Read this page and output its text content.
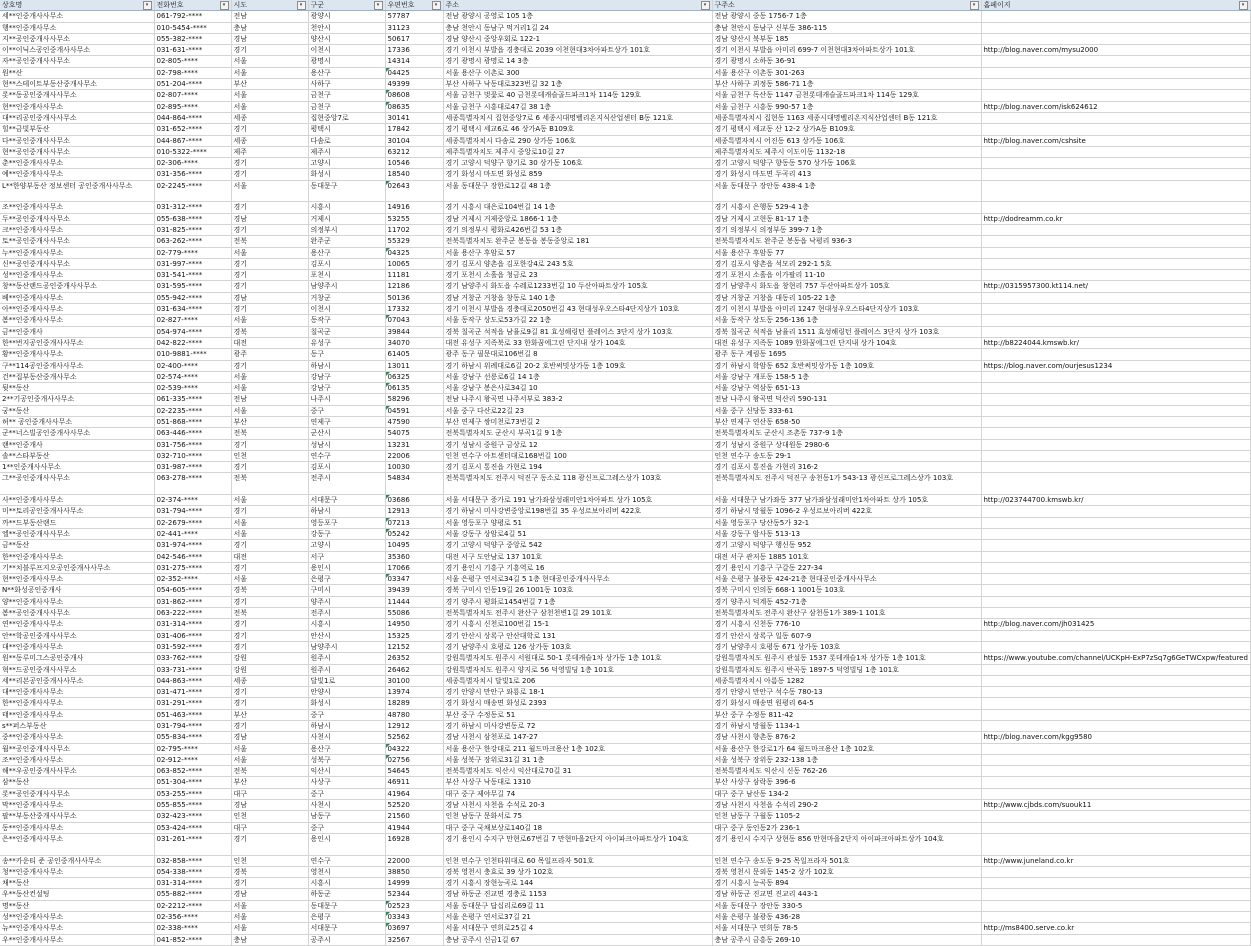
상호명 ▾	전화번호 ▾	시도 ▾	구군 ▾	우편번호 ▾	주소 ▾	구주소 ▾	홈페이지 ▾

세**인중개사사무소	061-792-****	전남	광양시	57787	전남 광양시 공영로 105 1층	전남 광양시 중동 1756-7 1층	
행**인중개사무소	010-5454-****	충남	천안시	31123	충남 천안시 동남구 먹거리1길 24	충남 천안시 동남구 신부동 386-115	
지**공인중개사사무소	055-382-****	경남	양산시	50617	경남 양산시 중앙우회로 122-1	경남 양산시 북부동 185	
이**이닉스공인중개사사무소	031-631-****	경기	이천시	17336	경기 이천시 부발읍 경충대로 2039 이천현대3차아파트상가 101호	경기 이천시 부발읍 아미리 699-7 이천현대3차아파트상가 101호	http://blog.naver.com/mysu2000
자**공인중개사사무소	02-805-****	서울	광명시	14314	경기 광명시 광명로 14 3층	경기 광명시 소하동 36-91	
원**산	02-798-****	서울	용산구	04425	서울 용산구 이촌로 300	서울 용산구 이촌동 301-263	
현**스테이트부동산중개사무소	051-204-****	부산	사하구	49399	부산 사하구 낙동대로323번길 32 1층	부산 사하구 괴정동 586-71 1층	
롯**동공인중개사사무소	02-807-****	서울	금천구	08608	서울 금천구 벚꽃로 40 금천롯데캐슬골드파크1차 114동 129호	서울 금천구 독산동 1147 금천롯데캐슬골드파크1차 114동 129호	
현**인중개사사무소	02-895-****	서울	금천구	08635	서울 금천구 시흥대로47길 38 1층	서울 금천구 시흥동 990-57 1층	http://blog.naver.com/isk624612
대**리공인중개사사무소	044-864-****	세종	집현중앙7로	30141	세종특별자치시 집현중앙7로 6 세종시대명벨리온지식산업센터 B동 121호	세종특별자치시 집현동 1163 세종시대명벨리온지식산업센터 B동 121호	
힐**금빛부동산	031-652-****	경기	평택시	17842	경기 평택시 세교6로 46 상가A동 B109호	경기 평택시 세교동 산 12-2 상가A동 B109호	
다**공인중개사사무소	044-867-****	세종	다솜로	30104	세종특별자치시 다솜로 290 상가동 106호	세종특별자치시 어진동 613 상가동 106호	http://blog.naver.com/cshsite
현**공인중개사사무소	010-5322-****	제주	제주시	63212	제주특별자치도 제주시 중앙로10길 27	제주특별자치도 제주시 이도이동 1132-18	
춘**인중개사사무소	02-306-****	경기	고양시	10546	경기 고양시 덕양구 향기로 30 상가동 106호	경기 고양시 덕양구 향동동 570 상가동 106호	
예**인중개사사무소	031-356-****	경기	화성시	18540	경기 화성시 마도면 화성로 859	경기 화성시 마도면 두곡리 413	
L**한양부동산 정보센터 공인중개사사무소	02-2245-****	서울	동대문구	02643	서울 동대문구 장한로12길 48 1층	서울 동대문구 장안동 438-4 1층	
조**인중개사사무소	031-312-****	경기	시흥시	14916	경기 시흥시 대은로104번길 14 1층	경기 시흥시 은행동 529-4 1층	
두**공인중개사사무소	055-638-****	경남	거제시	53255	경남 거제시 거제중앙로 1866-1 1층	경남 거제시 고현동 81-17 1층	http://dodreamm.co.kr
크**인중개사사무소	031-825-****	경기	의정부시	11702	경기 의정부시 평화로426번길 53 1층	경기 의정부시 의정부동 399-7 1층	
토**공인중개사사무소	063-262-****	전북	완주군	55329	전북특별자치도 완주군 봉동읍 봉동중앙로 181	전북특별자치도 완주군 봉동읍 낙평리 936-3	
누**인중개사사무소	02-779-****	서울	용산구	04325	서울 용산구 후암로 57	서울 용산구 후암동 77	
신**공인중개사사무소	031-997-****	경기	김포시	10065	경기 김포시 양촌읍 김포한강4로 243 5호	경기 김포시 양촌읍 석모리 292-1 5호	
성**인중개사사무소	031-541-****	경기	포천시	11181	경기 포천시 소흘읍 청금로 23	경기 포천시 소흘읍 이가팔리 11-10	
창**동산랜드공인중개사사무소	031-595-****	경기	남양주시	12186	경기 남양주시 화도읍 수레로1233번길 10 두산아파트상가 105호	경기 남양주시 화도읍 창현리 757 두산아파트상가 105호	http://0315957300.kt114.net/
베**인중개사사무소	055-942-****	경남	거창군	50136	경남 거창군 거창읍 창동로 140 1층	경남 거창군 거창읍 대동리 105-22 1층	
아**인중개사사무소	031-634-****	경기	이천시	17332	경기 이천시 부발읍 경충대로2050번길 43 현대성우오스타4단지상가 103호	경기 이천시 부발읍 아미리 1247 현대성우오스타4단지상가 103호	
봄**인중개사사무소	02-827-****	서울	동작구	07043	서울 동작구 상도로53가길 22 1층	서울 동작구 상도동 256-136 1층	
금**인중개사	054-974-****	경북	칠곡군	39844	경북 칠곡군 석적읍 남율로9길 81 효성해링턴 플레이스 3단지 상가 103호	경북 칠곡군 석적읍 남율리 1511 효성해링턴 플레이스 3단지 상가 103호	
한**번지공인중개사사무소	042-822-****	대전	유성구	34070	대전 유성구 지족북로 33 한화꿈에그린 단지내 상가 104호	대전 유성구 지족동 1089 한화꿈에그린 단지내 상가 104호	http://b8224044.kmswb.kr/
황**인중개사사무소	010-9881-****	광주	동구	61405	광주 동구 필문대로106번길 8	광주 동구 계림동 1695	
구**114공인중개사사무소	02-400-****	경기	하남시	13011	경기 하남시 위례대로6길 20-2 호반써밋상가동 1층 109호	경기 하남시 학암동 652 호반써밋상가동 1층 109호	https://blog.naver.com/ourjesus1234
건**집부동산중개사무소	02-574-****	서울	강남구	06325	서울 강남구 선릉로6길 14 1층	서울 강남구 개포동 158-5 1층	
뒷**동산	02-539-****	서울	강남구	06135	서울 강남구 봉은사로34길 10	서울 강남구 역삼동 651-13	
2**기공인중개사사무소	061-335-****	전남	나주시	58296	전남 나주시 왕곡면 나주서부로 383-2	전남 나주시 왕곡면 덕산리 590-131	
궁**동산	02-2235-****	서울	중구	04591	서울 중구 다산로22길 23	서울 중구 신당동 333-61	
허** 공인중개사사무소	051-868-****	부산	연제구	47590	부산 연제구 쌍미천로73번길 2	부산 연제구 연산동 658-50	
군**너스빌공인중개사사무소	063-446-****	전북	군산시	54075	전북특별자치도 군산시 부곡1길 9 1층	전북특별자치도 군산시 조촌동 737-9 1층	
랜**인중개사	031-756-****	경기	성남시	13231	경기 성남시 중원구 금상로 12	경기 성남시 중원구 상대원동 2980-6	
솔**스타부동산	032-710-****	인천	연수구	22006	인천 연수구 아트센터대로168번길 100	인천 연수구 송도동 29-1	
1**인중개사사무소	031-987-****	경기	김포시	10030	경기 김포시 통진읍 가현로 194	경기 김포시 통진읍 가현리 316-2	
그**공인중개사사무소	063-278-****	전북	전주시	54834	전북특별자치도 전주시 덕진구 동소로 118 광신프로그레스상가 103호	전북특별자치도 전주시 덕진구 송천동1가 543-13 광신프로그레스상가 103호	
사**인중개사사무소	02-374-****	서울	서대문구	03686	서울 서대문구 증가로 191 남가좌삼성래미안1차아파트 상가 105호	서울 서대문구 남가좌동 377 남가좌삼성래미안1차아파트 상가 105호	http://023744700.kmswb.kr/
미**토리공인중개사사무소	031-794-****	경기	하남시	12913	경기 하남시 미사강변중앙로198번길 35 우성르보아리버 422호	경기 하남시 망월동 1096-2 우성르보아리버 422호	
까**드부동산랜드	02-2679-****	서울	영등포구	07213	서울 영등포구 양평로 51	서울 영등포구 당산동5가 32-1	
엘**공인중개사사무소	02-441-****	서울	강동구	05242	서울 강동구 상암로4길 51	서울 강동구 암사동 513-13	
금**동산	031-974-****	경기	고양시	10495	경기 고양시 덕양구 중앙로 542	경기 고양시 덕양구 행신동 952	
한**인중개사사무소	042-546-****	대전	서구	35360	대전 서구 도안남로 137 101호	대전 서구 관저동 1885 101호	
기**치블루프지오공인중개사사무소	031-275-****	경기	용인시	17066	경기 용인시 기흥구 기흥역로 16	경기 용인시 기흥구 구갈동 227-34	
현**인중개사사무소	02-352-****	서울	은평구	03347	서울 은평구 연서로34길 5 1층 현대공인중개사사무소	서울 은평구 불광동 424-21층 현대공인중개사사무소	
N**화성공인중개사	054-605-****	경북	구미시	39439	경북 구미시 인동19길 26 1001동 103호	경북 구미시 인의동 668-1 1001동 103호	
양**인중개사사무소	031-862-****	경기	양주시	11444	경기 양주시 평화로1454번길 7 1층	경기 양주시 덕계동 452-71층	
봄**공인중개사사무소	063-222-****	전북	전주시	55086	전북특별자치도 전주시 완산구 삼천천변1길 29 101호	전북특별자치도 전주시 완산구 삼천동1가 389-1 101호	
연**인중개사사무소	031-314-****	경기	시흥시	14950	경기 시흥시 신천로100번길 15-1	경기 시흥시 신천동 776-10	http://blog.naver.com/jh031425
안**학공인중개사사무소	031-406-****	경기	안산시	15325	경기 안산시 상록구 안산대학로 131	경기 안산시 상록구 일동 607-9	
대**인중개사사무소	031-592-****	경기	남양주시	12152	경기 남양주시 호평로 126 상가동 103호	경기 남양주시 호평동 671 상가동 103호	
원**동루미그스공인중개사	033-762-****	강원	원주시	26352	강원특별자치도 원주시 서원대로 50-1 롯데캐슬1차 상가동 1층 101호	강원특별자치도 원주시 관설동 1537 롯데캐슬1차 상가동 1층 101호	https://www.youtube.com/channel/UCKpH-ExP7zSq7g6GeTWCxpw/featured
혁**드공인중개사사무소	033-731-****	강원	원주시	26462	강원특별자치도 원주시 양지로 56 덕영빌딩 1층 101호	강원특별자치도 원주시 반곡동 1897-5 덕영빌딩 1층 101호	
세**리본공인중개사사무소	044-863-****	세종	달빛1로	30100	세종특별자치시 달빛1로 206	세종특별자치시 아름동 1282	
대**인중개사사무소	031-471-****	경기	안양시	13974	경기 안양시 만안구 와룡로 18-1	경기 안양시 만안구 석수동 780-13	
한**인중개사사무소	031-291-****	경기	화성시	18289	경기 화성시 매송면 화성로 2393	경기 화성시 매송면 원평리 64-5	
태**인중개사사무소	051-463-****	부산	중구	48780	부산 중구 수정동로 51	부산 중구 수정동 811-42	
s**퍼스부동산	031-794-****	경기	하남시	12912	경기 하남시 미사강변동로 72	경기 하남시 망월동 1134-1	
중**인중개사사무소	055-834-****	경남	사천시	52562	경남 사천시 삼천포로 147-27	경남 사천시 향촌동 876-2	http://blog.naver.com/kgg9580
월**공인중개사사무소	02-795-****	서울	용산구	04322	서울 용산구 한강대로 211 월드마크용산 1층 102호	서울 용산구 한강로1가 64 월드마크용산 1층 102호	
조**인중개사사무소	02-912-****	서울	성북구	02756	서울 성북구 장위로31길 31 1층	서울 성북구 장위동 232-138 1층	
해**우공인중개사사무소	063-852-****	전북	익산시	54645	전북특별자치도 익산시 익산대로70길 31	전북특별자치도 익산시 신동 762-26	
삼**동산	051-304-****	부산	사상구	46911	부산 사상구 낙동대로 1310	부산 사상구 삼락동 396-6	
롯**공인중개사사무소	053-255-****	대구	중구	41964	대구 중구 제야무길 74	대구 중구 남산동 134-2	
막**인중개사사무소	055-855-****	경남	사천시	52520	경남 사천시 사천읍 수석로 20-3	경남 사천시 사천읍 수석리 290-2	http://www.cjbds.com/suouk11
팔**부동산중개사사무소	032-423-****	인천	남동구	21560	인천 남동구 문화서로 75	인천 남동구 구월동 1105-2	
동**인중개사사무소	053-424-****	대구	중구	41944	대구 중구 국채보상로140길 18	대구 중구 동인동2가 236-1	
은**인중개사사무소	031-261-****	경기	용인시	16928	경기 용인시 수지구 만현로67번길 7 만현마을2단지 아이파크아파트상가 104호	경기 용인시 수지구 상현동 856 만현마을2단지 아이파크아파트상가 104호	
송**카운티 준 공인중개사사무소	032-858-****	인천	연수구	22000	인천 연수구 인천타워대로 60 목일프라자 501호	인천 연수구 송도동 9-25 목일프라자 501호	http://www.juneland.co.kr
청**인중개사사무소	054-338-****	경북	영천시	38850	경북 영천시 충효로 39 상가 102호	경북 영천시 문외동 145-2 상가 102호	
채**동산	031-314-****	경기	시흥시	14999	경기 시흥시 장현능곡로 144	경기 시흥시 능곡동 894	
우**동산컨설팅	055-882-****	경남	하동군	52344	경남 하동군 진교면 경충로 1153	경남 하동군 진교면 진교리 443-1	
명**동산	02-2212-****	서울	동대문구	02523	서울 동대문구 답십리로69길 11	서울 동대문구 장안동 330-5	
성**인중개사사무소	02-356-****	서울	은평구	03343	서울 은평구 연서로37길 21	서울 은평구 불광동 436-28	
뉴**인중개사사무소	02-338-****	서울	서대문구	03697	서울 서대문구 연희로25길 4	서울 서대문구 연희동 78-5	http://ms8400.serve.co.kr
우**인중개사사무소	041-852-****	충남	공주시	32567	충남 공주시 신금1길 67	충남 공주시 금흥동 269-10	
